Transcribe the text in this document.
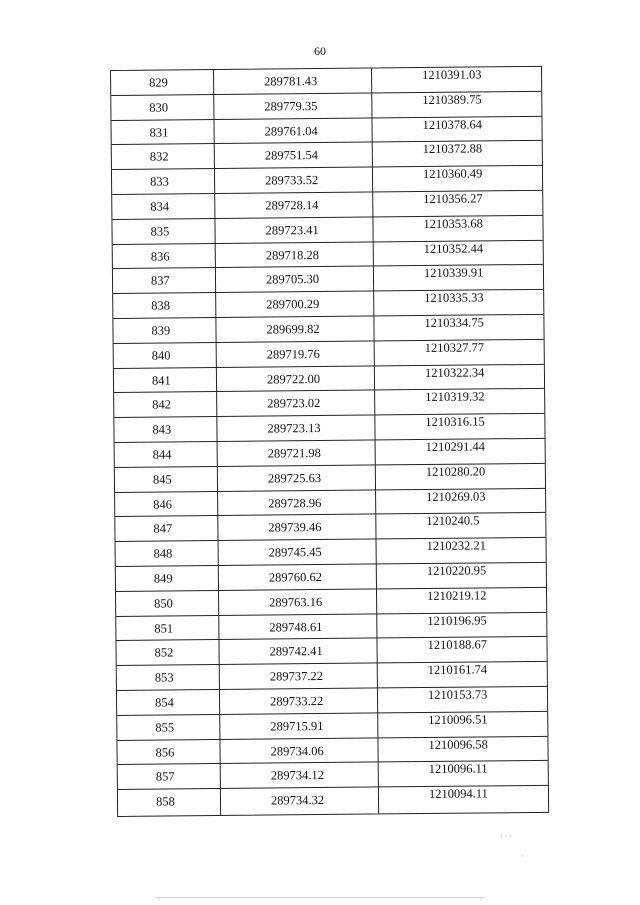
60
829	289781.43	1210391.03
830	289779.35	1210389.75
831	289761.04	1210378.64
832	289751.54	1210372.88
833	289733.52	1210360.49
834	289728.14	1210356.27
835	289723.41	1210353.68
836	289718.28	1210352.44
837	289705.30	1210339.91
838	289700.29	1210335.33
839	289699.82	1210334.75
840	289719.76	1210327.77
841	289722.00	1210322.34
842	289723.02	1210319.32
843	289723.13	1210316.15
844	289721.98	1210291.44
845	289725.63	1210280.20
846	289728.96	1210269.03
847	289739.46	1210240.5
848	289745.45	1210232.21
849	289760.62	1210220.95
850	289763.16	1210219.12
851	289748.61	1210196.95
852	289742.41	1210188.67
853	289737.22	1210161.74
854	289733.22	1210153.73
855	289715.91	1210096.51
856	289734.06	1210096.58
857	289734.12	1210096.11
858	289734.32	1210094.11
· · ·
·
